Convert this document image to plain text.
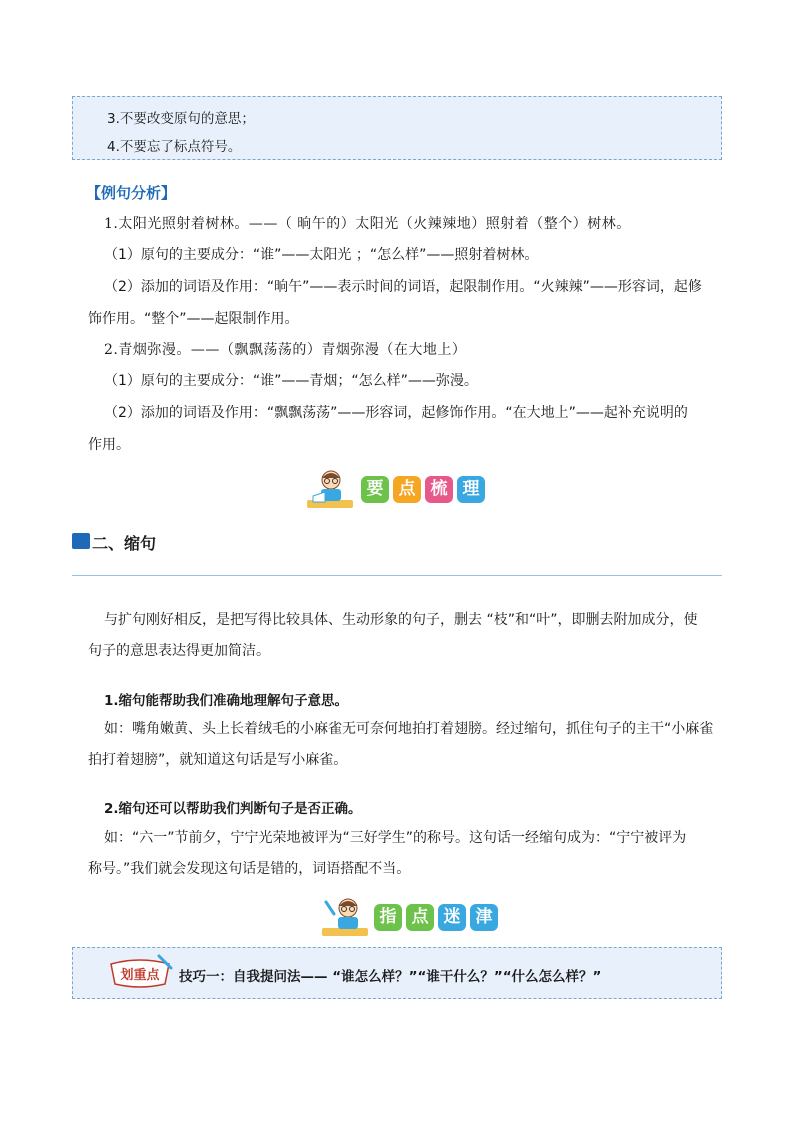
3.不要改变原句的意思；
4.不要忘了标点符号。
【例句分析】
1.太阳光照射着树林。——（ 晌午的）太阳光（火辣辣地）照射着（整个）树林。
（1）原句的主要成分：“谁”——太阳光 ；“怎么样”——照射着树林。
（2）添加的词语及作用：“晌午”——表示时间的词语，起限制作用。“火辣辣”——形容词，起修
饰作用。“整个”——起限制作用。
2.青烟弥漫。——（飘飘荡荡的）青烟弥漫（在大地上）
（1）原句的主要成分：“谁”——青烟；“怎么样”——弥漫。
（2）添加的词语及作用：“飘飘荡荡”——形容词，起修饰作用。“在大地上”——起补充说明的
作用。
要 点 梳 理
二、缩句
与扩句刚好相反，是把写得比较具体、生动形象的句子，删去 “枝”和“叶”，即删去附加成分，使
句子的意思表达得更加简洁。
1.缩句能帮助我们准确地理解句子意思。
如：嘴角嫩黄、头上长着绒毛的小麻雀无可奈何地拍打着翅膀。经过缩句，抓住句子的主干“小麻雀
拍打着翅膀”，就知道这句话是写小麻雀。
2.缩句还可以帮助我们判断句子是否正确。
如：“六一”节前夕，宁宁光荣地被评为“三好学生”的称号。这句话一经缩句成为：“宁宁被评为
称号。”我们就会发现这句话是错的，词语搭配不当。
指 点 迷 津
划重点 技巧一：自我提问法—— “谁怎么样？”“谁干什么？”“什么怎么样？”
